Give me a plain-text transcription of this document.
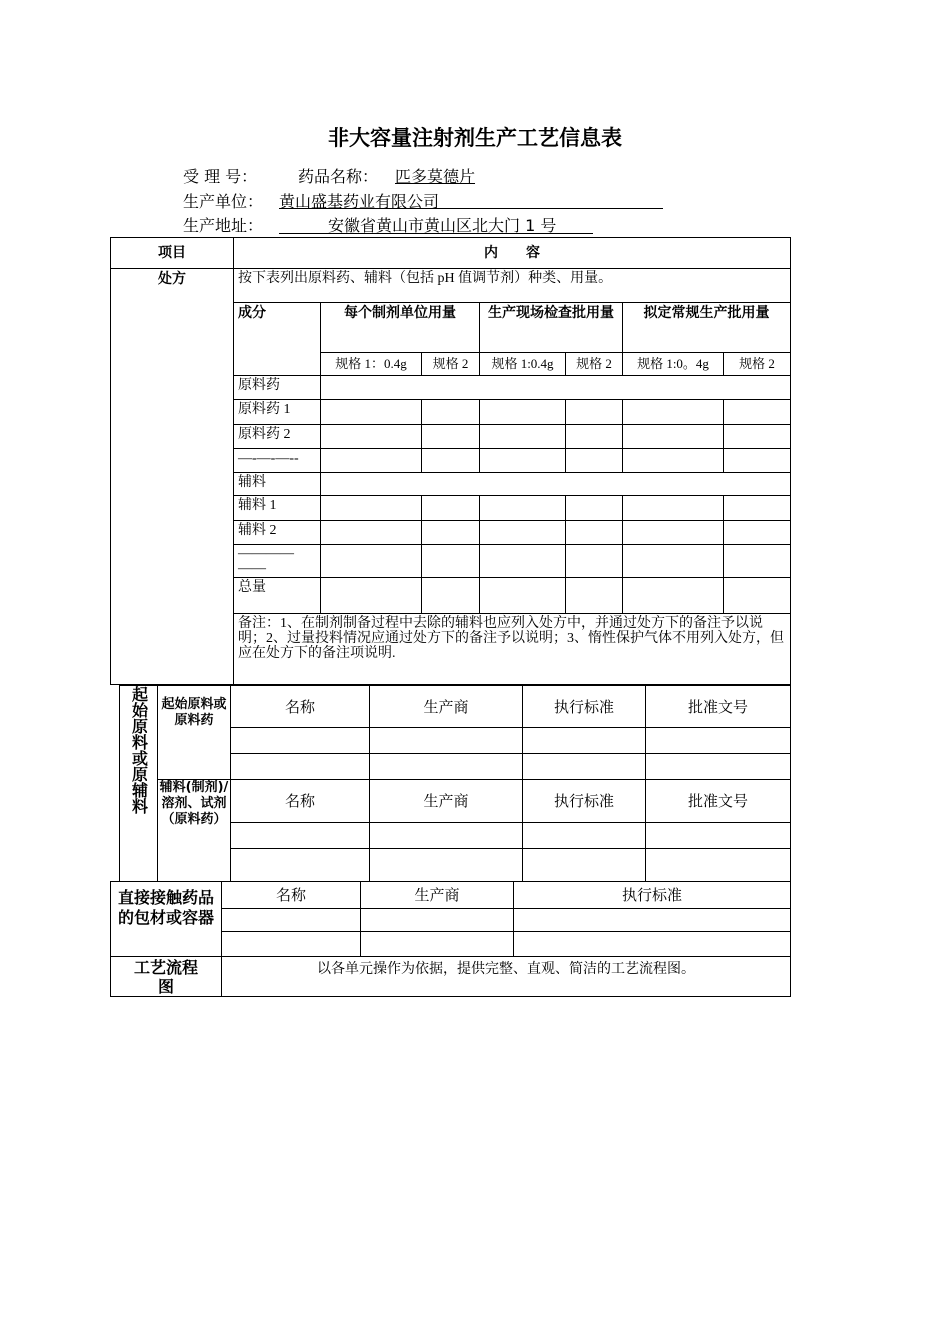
非大容量注射剂生产工艺信息表
受 理 号：	药品名称： 匹多莫德片
生产单位： 黄山盛基药业有限公司
生产地址：	安徽省黄山市黄山区北大门 1 号
项目	内　　容						
处方	按下表列出原料药、辅料（包括 pH 值调节剂）种类、用量。						
	成分	每个制剂单位用量		生产现场检查批用量		拟定常规生产批用量	
		规格 1：0.4g	规格 2	规格 1:0.4g	规格 2	规格 1:0。4g	规格 2
	原料药						
	原料药 1						
	原料药 2						
	—-—-—--						
	辅料						
	辅料 1						
	辅料 2						
	————
——						
	总量						
	备注：1、在制剂制备过程中去除的辅料也应列入处方中，并通过处方下的备注予以说明；2、过量投料情况应通过处方下的备注予以说明；3、惰性保护气体不用列入处方，但应在处方下的备注项说明.						
起始原料或原辅料	起始原料或原料药	名称	生产商	执行标准	批准文号

	辅料(制剂)/溶剂、试剂（原料药）	名称	生产商	执行标准	批准文号

直接接触药品的包材或容器	名称	生产商	执行标准

工艺流程图	以各单元操作为依据，提供完整、直观、简洁的工艺流程图。		
